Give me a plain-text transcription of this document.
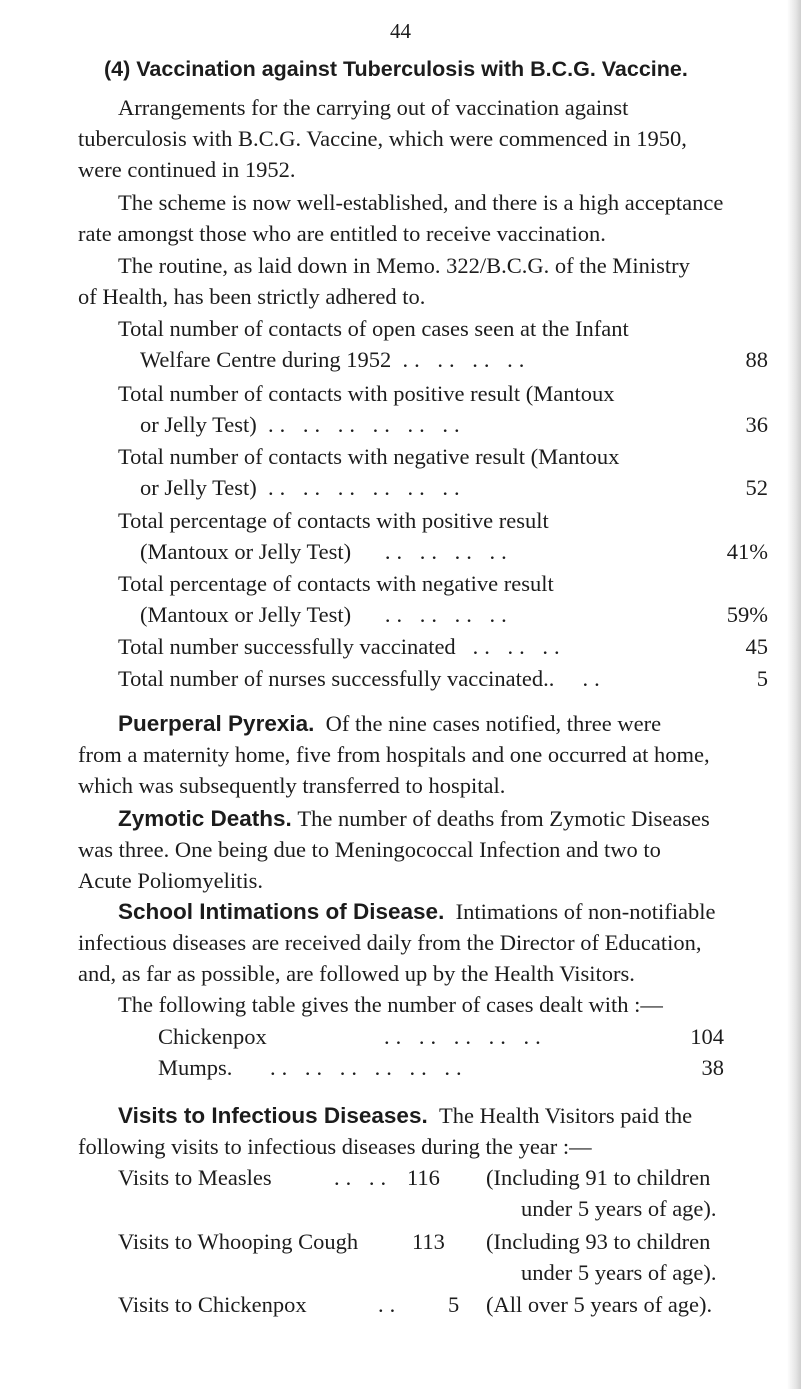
44
(4) Vaccination against Tuberculosis with B.C.G. Vaccine.
Arrangements for the carrying out of vaccination against
tuberculosis with B.C.G. Vaccine, which were commenced in 1950,
were continued in 1952.
The scheme is now well-established, and there is a high acceptance
rate amongst those who are entitled to receive vaccination.
The routine, as laid down in Memo. 322/B.C.G. of the Ministry
of Health, has been strictly adhered to.
Total number of contacts of open cases seen at the Infant
Welfare Centre during 1952 .. .. .. ..	88
Total number of contacts with positive result (Mantoux
or Jelly Test) .. .. .. .. .. ..	36
Total number of contacts with negative result (Mantoux
or Jelly Test) .. .. .. .. .. ..	52
Total percentage of contacts with positive result
(Mantoux or Jelly Test) .. .. .. ..	41%
Total percentage of contacts with negative result
(Mantoux or Jelly Test) .. .. .. ..	59%
Total number successfully vaccinated .. .. ..	45
Total number of nurses successfully vaccinated.. ..	5
Puerperal Pyrexia. Of the nine cases notified, three were
from a maternity home, five from hospitals and one occurred at home,
which was subsequently transferred to hospital.
Zymotic Deaths. The number of deaths from Zymotic Diseases
was three. One being due to Meningococcal Infection and two to
Acute Poliomyelitis.
School Intimations of Disease. Intimations of non-notifiable
infectious diseases are received daily from the Director of Education,
and, as far as possible, are followed up by the Health Visitors.
The following table gives the number of cases dealt with :—
Chickenpox	.. .. .. .. ..	104
Mumps. .. .. .. .. .. ..	38
Visits to Infectious Diseases. The Health Visitors paid the
following visits to infectious diseases during the year :—
Visits to Measles	.. .. 116 (Including 91 to children
under 5 years of age).
Visits to Whooping Cough 113 (Including 93 to children
under 5 years of age).
Visits to Chickenpox	.. 5 (All over 5 years of age).
